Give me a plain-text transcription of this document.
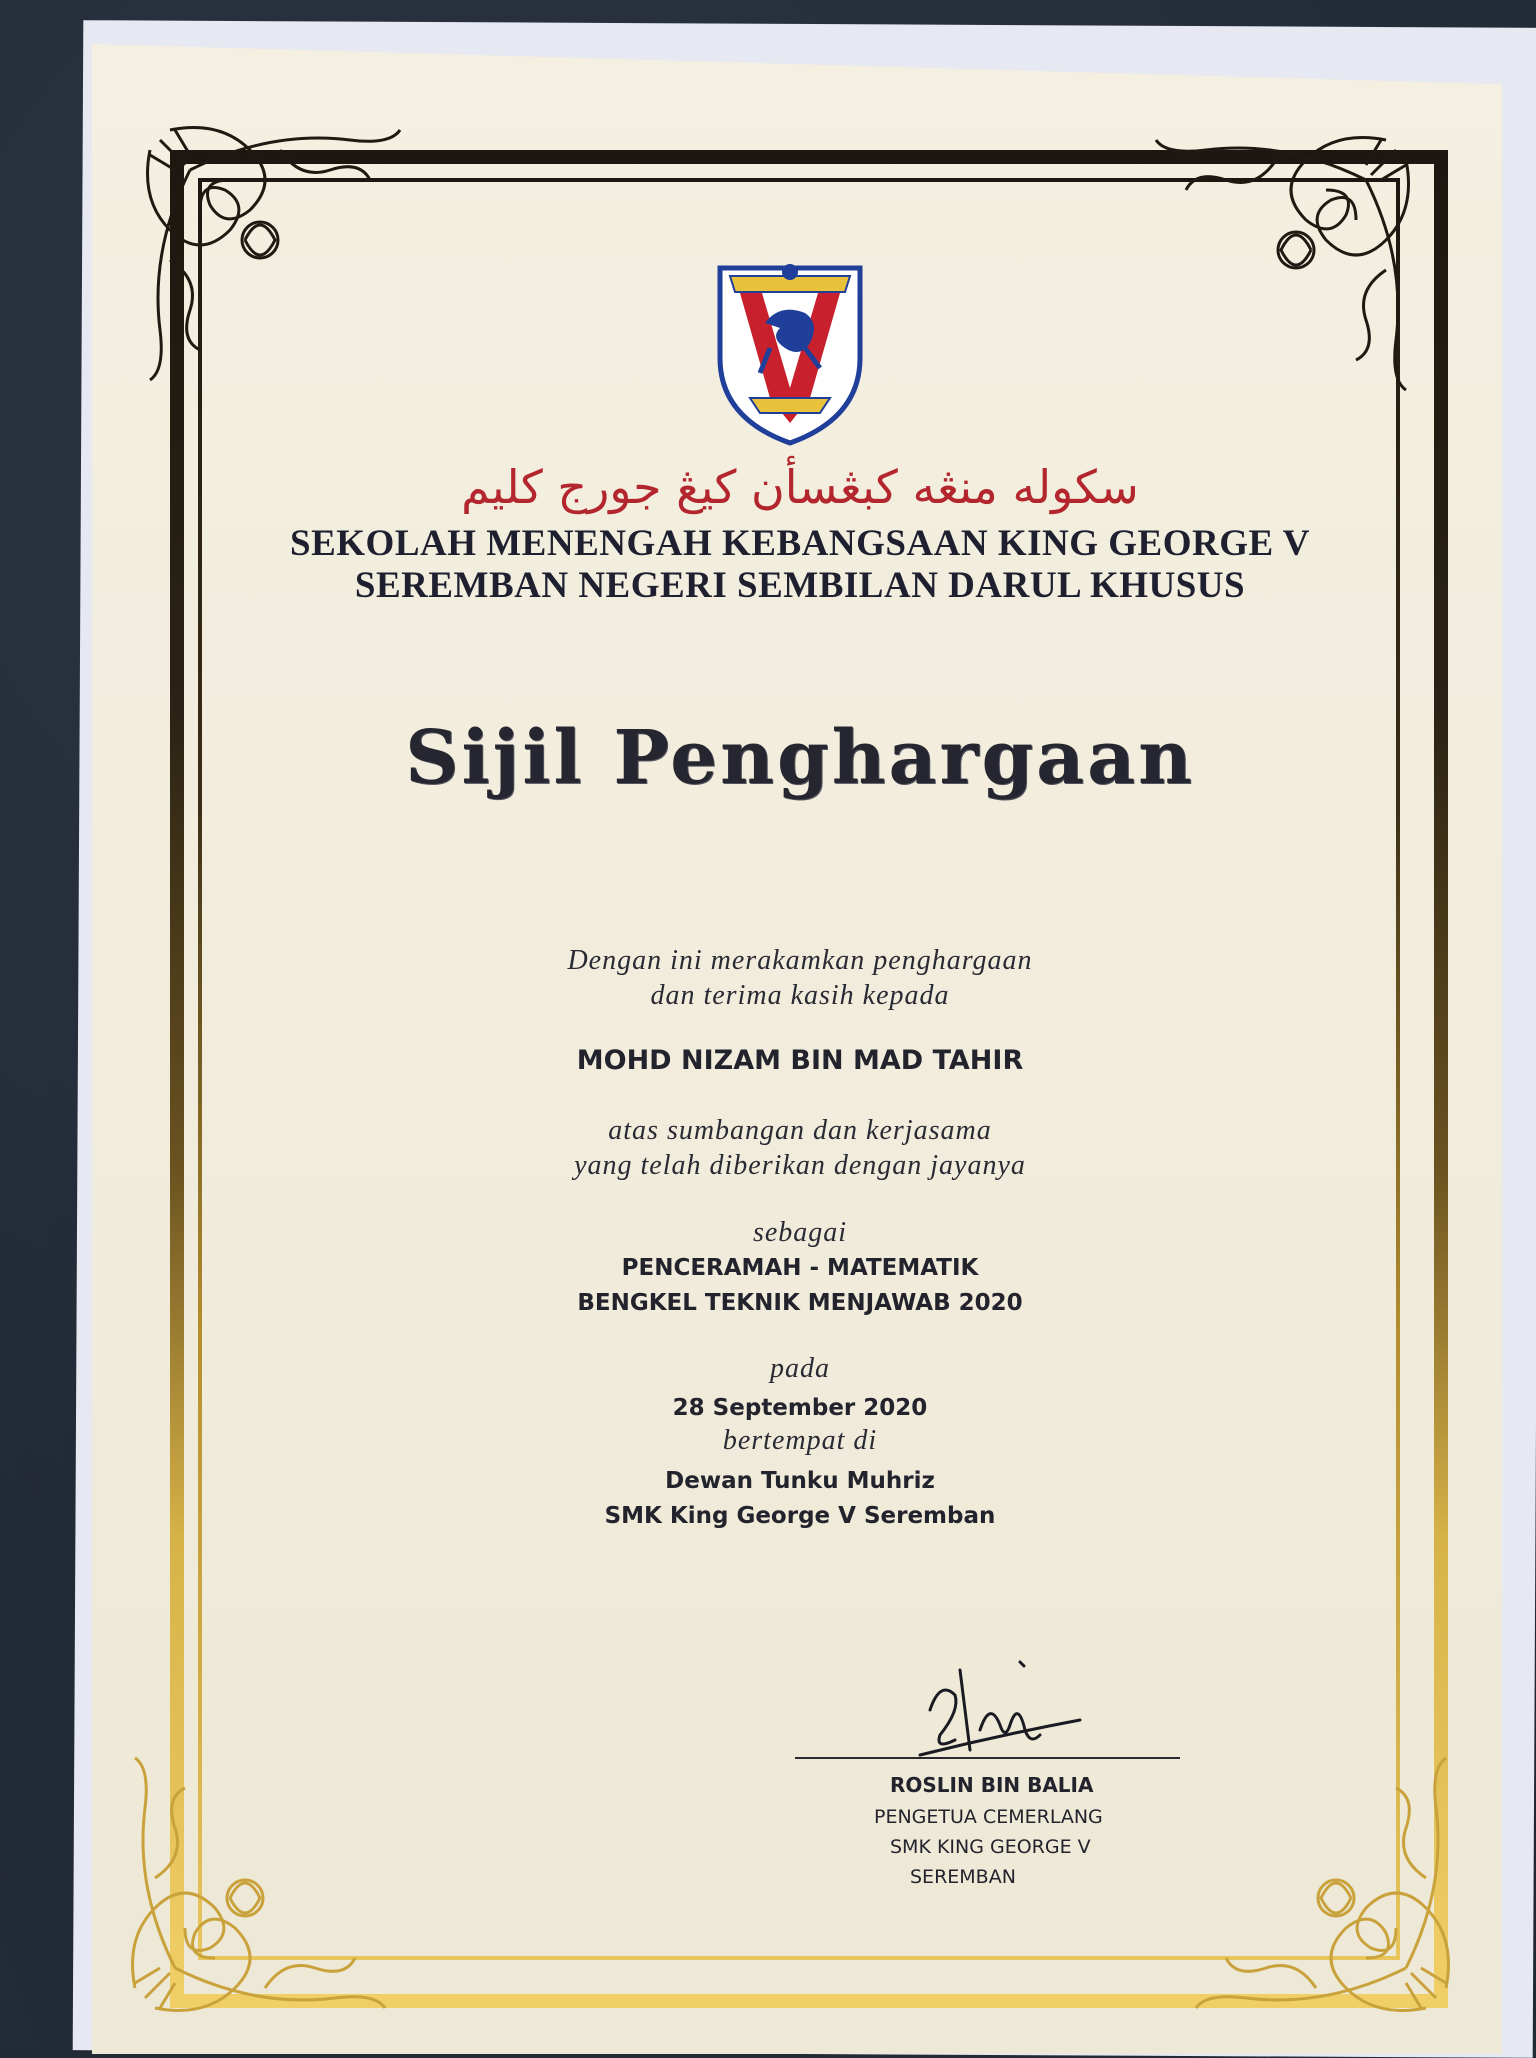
سکوله منڠه کبڠسأن کيڠ جورج کليم
SEKOLAH MENENGAH KEBANGSAAN KING GEORGE V
SEREMBAN NEGERI SEMBILAN DARUL KHUSUS
Sijil Penghargaan
Dengan ini merakamkan penghargaan
dan terima kasih kepada
MOHD NIZAM BIN MAD TAHIR
atas sumbangan dan kerjasama
yang telah diberikan dengan jayanya
sebagai
PENCERAMAH - MATEMATIK
BENGKEL TEKNIK MENJAWAB 2020
pada
28 September 2020
bertempat di
Dewan Tunku Muhriz
SMK King George V Seremban
ROSLIN BIN BALIA
PENGETUA CEMERLANG
SMK KING GEORGE V
SEREMBAN
